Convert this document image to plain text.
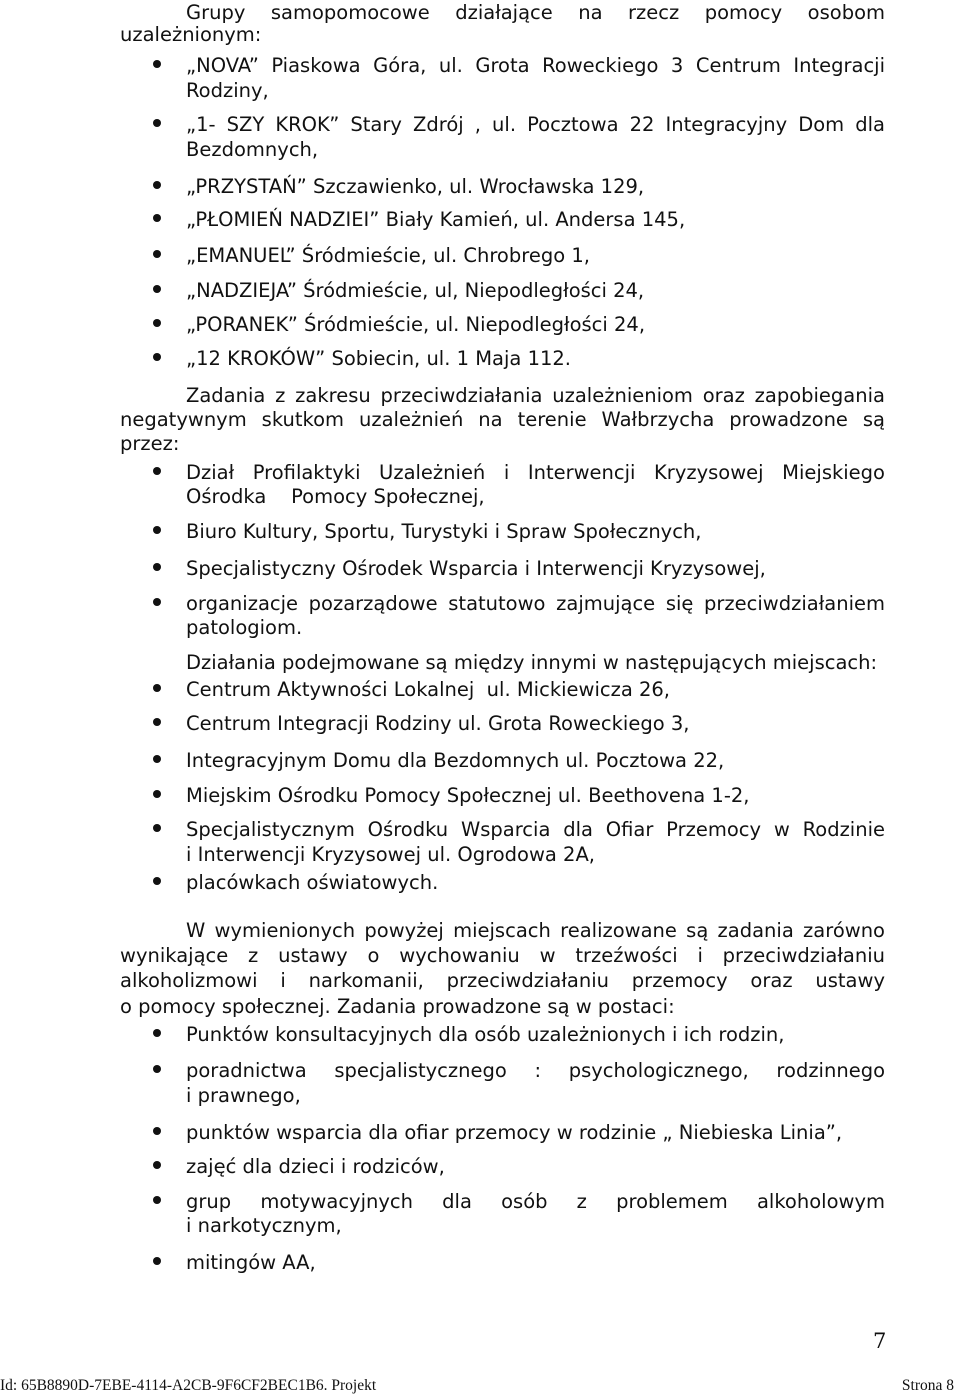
Grupy samopomocowe działające na rzecz pomocy osobom
uzależnionym:
„NOVA” Piaskowa Góra, ul. Grota Roweckiego 3 Centrum Integracji
Rodziny,
„1- SZY KROK” Stary Zdrój , ul. Pocztowa 22 Integracyjny Dom dla
Bezdomnych,
„PRZYSTAŃ” Szczawienko, ul. Wrocławska 129,
„PŁOMIEŃ NADZIEI” Biały Kamień, ul. Andersa 145,
„EMANUEL” Śródmieście, ul. Chrobrego 1,
„NADZIEJA” Śródmieście, ul, Niepodległości 24,
„PORANEK” Śródmieście, ul. Niepodległości 24,
„12 KROKÓW” Sobiecin, ul. 1 Maja 112.
Zadania z zakresu przeciwdziałania uzależnieniom oraz zapobiegania
negatywnym skutkom uzależnień na terenie Wałbrzycha prowadzone są
przez:
Dział Profilaktyki Uzależnień i Interwencji Kryzysowej Miejskiego
Ośrodka    Pomocy Społecznej,
Biuro Kultury, Sportu, Turystyki i Spraw Społecznych,
Specjalistyczny Ośrodek Wsparcia i Interwencji Kryzysowej,
organizacje pozarządowe statutowo zajmujące się przeciwdziałaniem
patologiom.
Działania podejmowane są między innymi w następujących miejscach:
Centrum Aktywności Lokalnej  ul. Mickiewicza 26,
Centrum Integracji Rodziny ul. Grota Roweckiego 3,
Integracyjnym Domu dla Bezdomnych ul. Pocztowa 22,
Miejskim Ośrodku Pomocy Społecznej ul. Beethovena 1-2,
Specjalistycznym Ośrodku Wsparcia dla Ofiar Przemocy w Rodzinie
i Interwencji Kryzysowej ul. Ogrodowa 2A,
placówkach oświatowych.
W wymienionych powyżej miejscach realizowane są zadania zarówno
wynikające z ustawy o wychowaniu w trzeźwości i przeciwdziałaniu
alkoholizmowi i narkomanii, przeciwdziałaniu przemocy oraz ustawy
o pomocy społecznej. Zadania prowadzone są w postaci:
Punktów konsultacyjnych dla osób uzależnionych i ich rodzin,
poradnictwa specjalistycznego : psychologicznego, rodzinnego
i prawnego,
punktów wsparcia dla ofiar przemocy w rodzinie „ Niebieska Linia”,
zajęć dla dzieci i rodziców,
grup motywacyjnych dla osób z problemem alkoholowym
i narkotycznym,
mitingów AA,
7
Id: 65B8890D-7EBE-4114-A2CB-9F6CF2BEC1B6. Projekt	Strona 8
